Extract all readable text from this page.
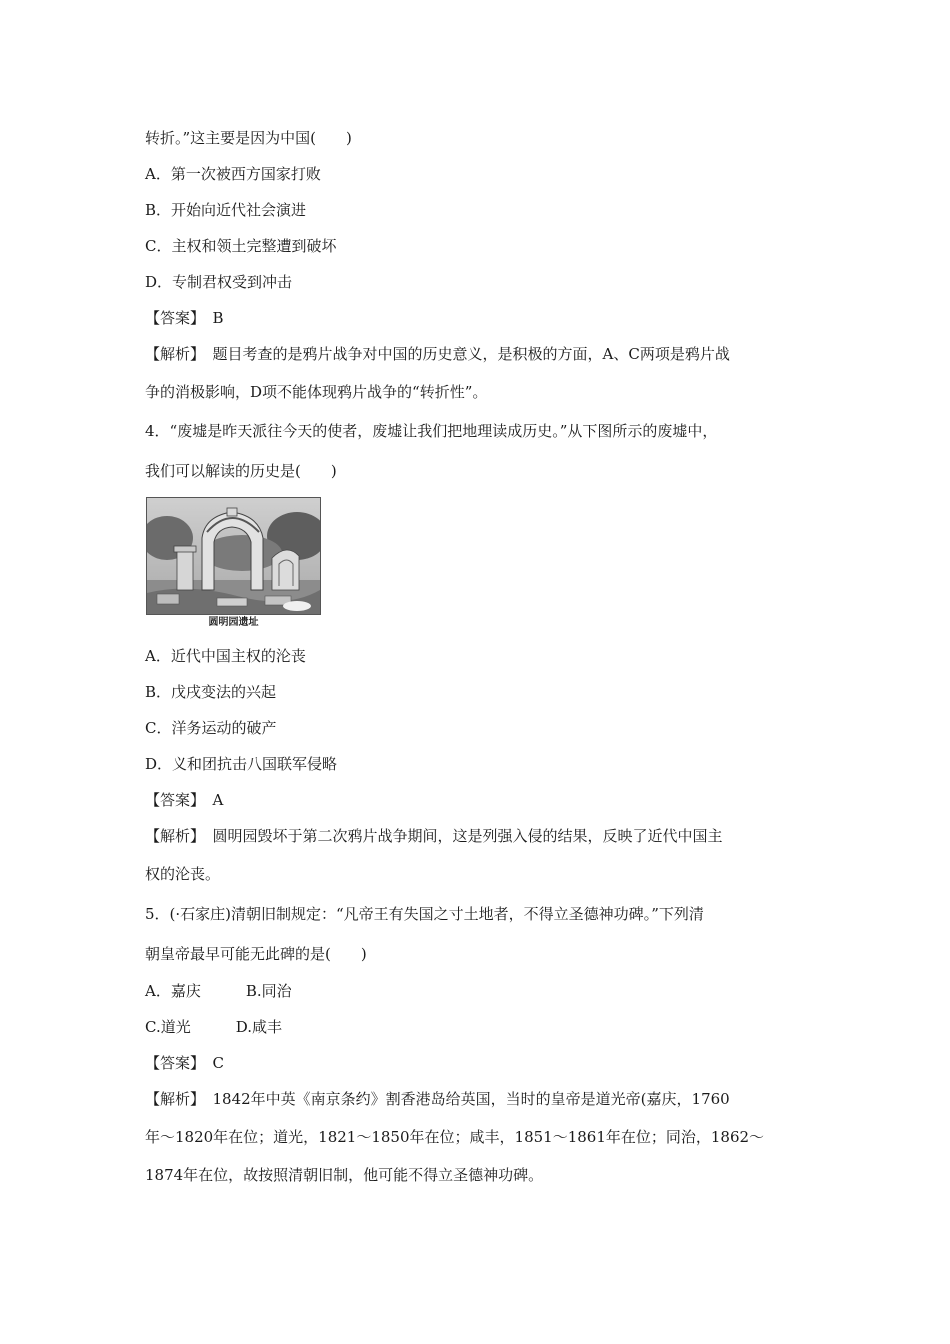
转折。”这主要是因为中国(　　)
A．第一次被西方国家打败
B．开始向近代社会演进
C．主权和领土完整遭到破坏
D．专制君权受到冲击
【答案】　B
【解析】　题目考查的是鸦片战争对中国的历史意义，是积极的方面，A、C两项是鸦片战
争的消极影响，D项不能体现鸦片战争的“转折性”。
4．“废墟是昨天派往今天的使者，废墟让我们把地理读成历史。”从下图所示的废墟中，
我们可以解读的历史是(　　)
圆明园遗址
A．近代中国主权的沦丧
B．戊戌变法的兴起
C．洋务运动的破产
D．义和团抗击八国联军侵略
【答案】　A
【解析】　圆明园毁坏于第二次鸦片战争期间，这是列强入侵的结果，反映了近代中国主
权的沦丧。
5．(·石家庄)清朝旧制规定：“凡帝王有失国之寸土地者，不得立圣德神功碑。”下列清
朝皇帝最早可能无此碑的是(　　)
A．嘉庆　　　B.同治
C.道光　　　D.咸丰
【答案】　C
【解析】　1842年中英《南京条约》割香港岛给英国，当时的皇帝是道光帝(嘉庆，1760
年～1820年在位；道光，1821～1850年在位；咸丰，1851～1861年在位；同治，1862～
1874年在位，故按照清朝旧制，他可能不得立圣德神功碑。
